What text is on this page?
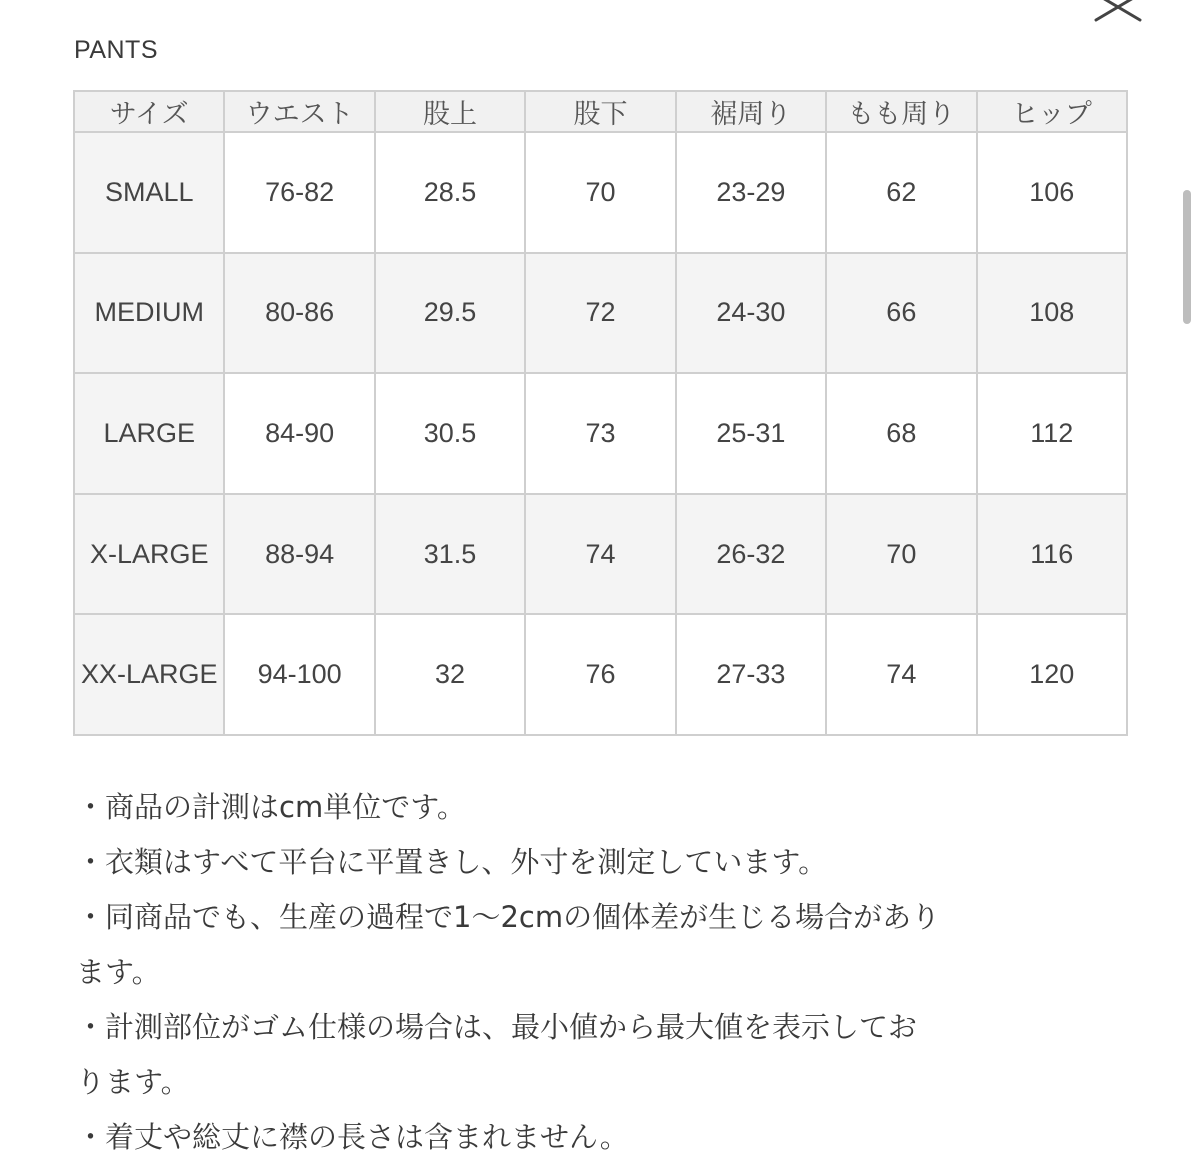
PANTS
サイズ	ウエスト	股上	股下	裾周り	もも周り	ヒップ
SMALL	76-82	28.5	70	23-29	62	106
MEDIUM	80-86	29.5	72	24-30	66	108
LARGE	84-90	30.5	73	25-31	68	112
X-LARGE	88-94	31.5	74	26-32	70	116
XX-LARGE	94-100	32	76	27-33	74	120

・商品の計測はcm単位です。

・衣類はすべて平台に平置きし、外寸を測定しています。

・同商品でも、生産の過程で1〜2cmの個体差が生じる場合があり

ます。

・計測部位がゴム仕様の場合は、最小値から最大値を表示してお

ります。

・着丈や総丈に襟の長さは含まれません。
